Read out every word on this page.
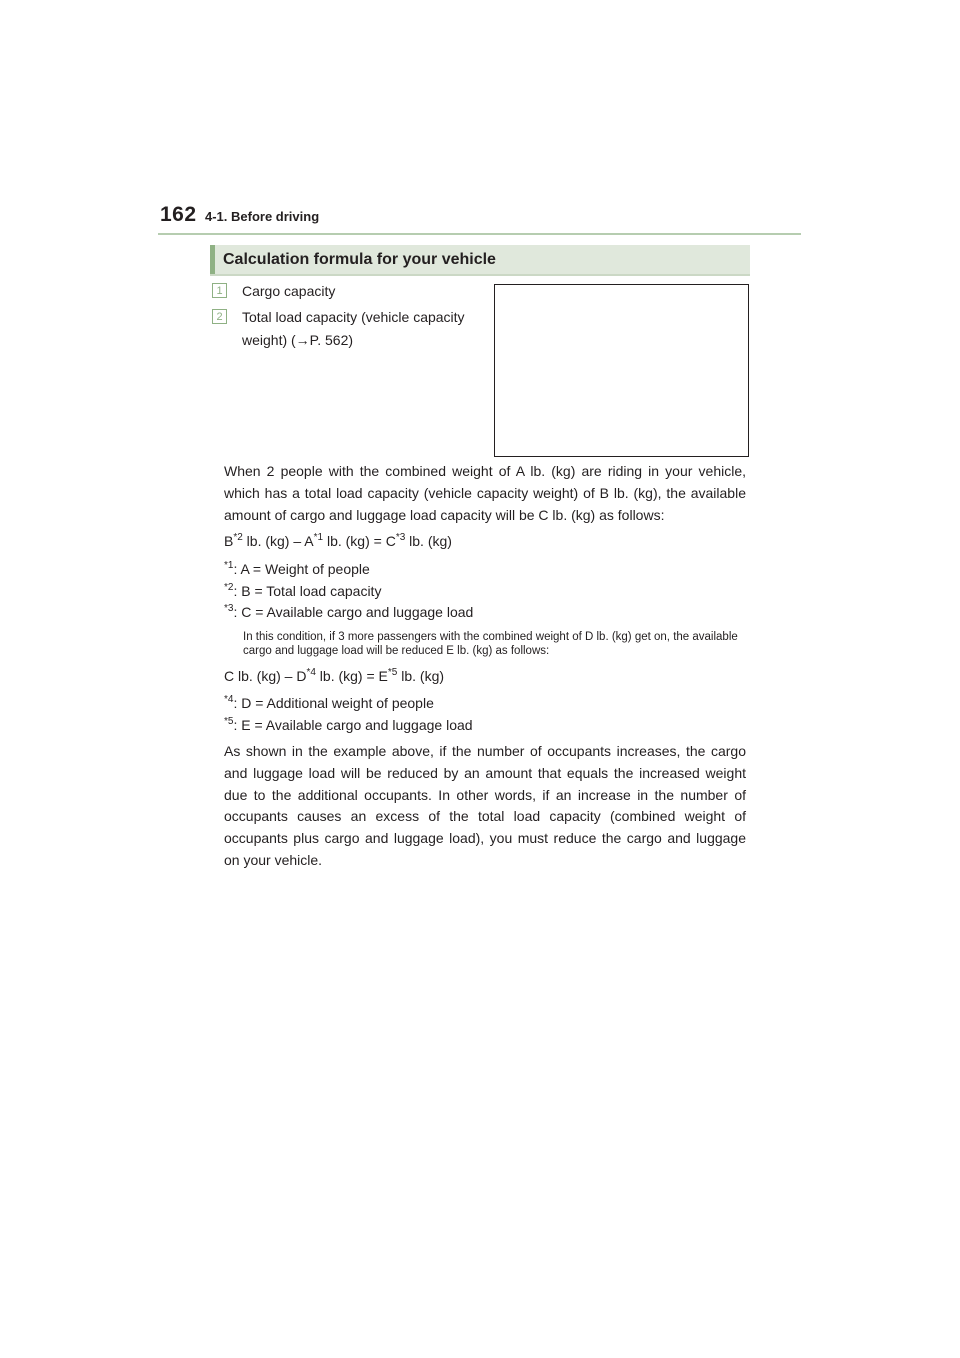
162 4-1. Before driving
Calculation formula for your vehicle
1	Cargo capacity
2	Total load capacity (vehicle capacity
weight) (→P. 562)
When 2 people with the combined weight of A lb. (kg) are riding in your vehicle, which has a total load capacity (vehicle capacity weight) of B lb. (kg), the available amount of cargo and luggage load capacity will be C lb. (kg) as follows:
$B^{*2}$ lb. $(kg) - A^{*1}$ lb. $(kg) = C^{*3}$ lb. (kg)
$^{*1}$: A = Weight of people
$^{*2}$: B = Total load capacity
$^{*3}$: C = Available cargo and luggage load
In this condition, if 3 more passengers with the combined weight of D lb. (kg) get on, the available cargo and luggage load will be reduced E lb. (kg) as follows:
C lb. $(kg) - D^{*4}$ lb. $(kg) = E^{*5}$ lb. (kg)
$^{*4}$: D = Additional weight of people
$^{*5}$: E = Available cargo and luggage load
As shown in the example above, if the number of occupants increases, the cargo and luggage load will be reduced by an amount that equals the increased weight due to the additional occupants. In other words, if an increase in the number of occupants causes an excess of the total load capacity (combined weight of occupants plus cargo and luggage load), you must reduce the cargo and luggage on your vehicle.
